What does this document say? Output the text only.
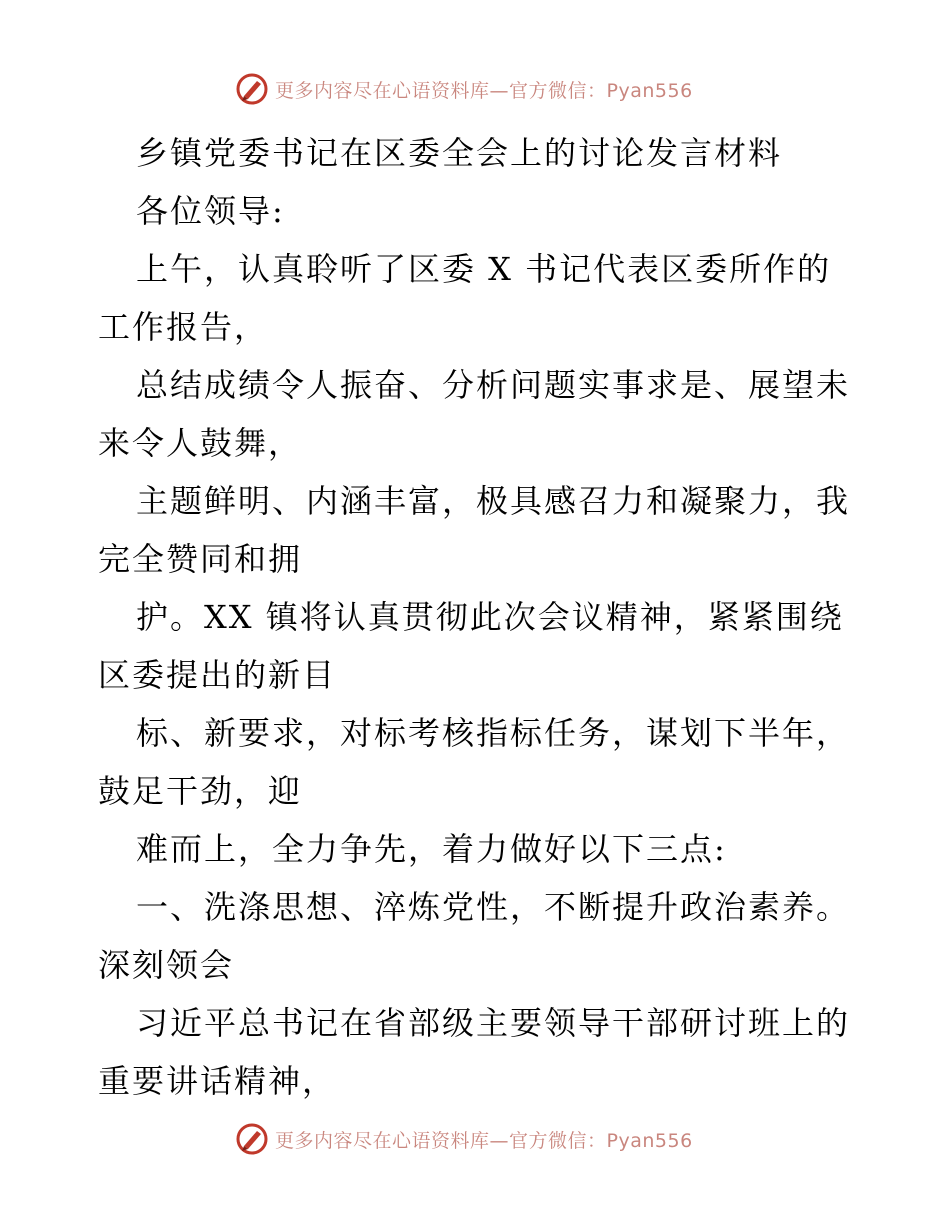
更多内容尽在心语资料库—官方微信：Pyan556
乡镇党委书记在区委全会上的讨论发言材料
各位领导:
上午，认真聆听了区委 X 书记代表区委所作的
工作报告，
总结成绩令人振奋、分析问题实事求是、展望未
来令人鼓舞，
主题鲜明、内涵丰富，极具感召力和凝聚力，我
完全赞同和拥
护。XX 镇将认真贯彻此次会议精神，紧紧围绕
区委提出的新目
标、新要求，对标考核指标任务，谋划下半年，
鼓足干劲，迎
难而上，全力争先，着力做好以下三点:
一、洗涤思想、淬炼党性，不断提升政治素养。
深刻领会
习近平总书记在省部级主要领导干部研讨班上的
重要讲话精神，
更多内容尽在心语资料库—官方微信：Pyan556
